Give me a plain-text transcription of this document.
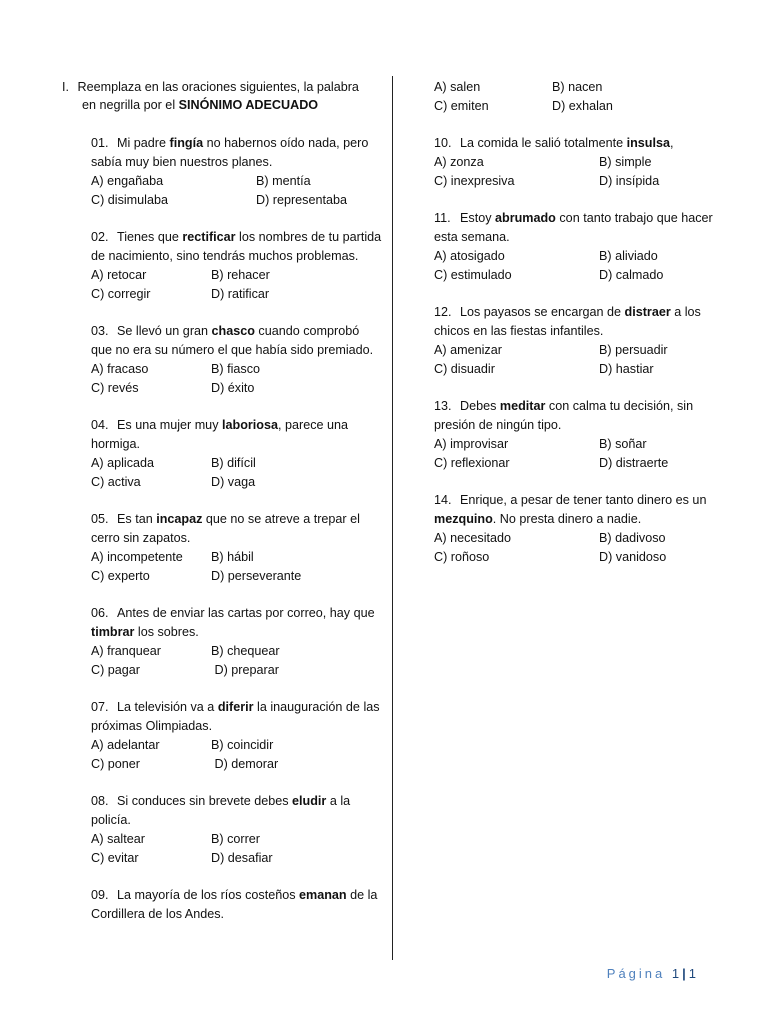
I. Reemplaza en las oraciones siguientes, la palabra
en negrilla por el SINÓNIMO ADECUADO
01. Mi padre fingía no habernos oído nada, pero sabía muy bien nuestros planes.
A) engañaba	B) mentía
C) disimulaba	D) representaba
02. Tienes que rectificar los nombres de tu partida de nacimiento, sino tendrás muchos problemas.
A) retocar	B) rehacer
C) corregir	D) ratificar
03. Se llevó un gran chasco cuando comprobó que no era su número el que había sido premiado.
A) fracaso	B) fiasco
C) revés	D) éxito
04. Es una mujer muy laboriosa, parece una hormiga.
A) aplicada	B) difícil
C) activa	D) vaga
05. Es tan incapaz que no se atreve a trepar el cerro sin zapatos.
A) incompetente	B) hábil
C) experto	D) perseverante
06. Antes de enviar las cartas por correo, hay que timbrar los sobres.
A) franquear	B) chequear
C) pagar	D) preparar
07. La televisión va a diferir la inauguración de las próximas Olimpiadas.
A) adelantar	B) coincidir
C) poner	D) demorar
08. Si conduces sin brevete debes eludir a la policía.
A) saltear	B) correr
C) evitar	D) desafiar
09. La mayoría de los ríos costeños emanan de la Cordillera de los Andes.
A) salen	B) nacen
C) emiten	D) exhalan
10. La comida le salió totalmente insulsa,
A) zonza	B) simple
C) inexpresiva	D) insípida
11. Estoy abrumado con tanto trabajo que hacer esta semana.
A) atosigado	B) aliviado
C) estimulado	D) calmado
12. Los payasos se encargan de distraer a los chicos en las fiestas infantiles.
A) amenizar	B) persuadir
C) disuadir	D) hastiar
13. Debes meditar con calma tu decisión, sin presión de ningún tipo.
A) improvisar	B) soñar
C) reflexionar	D) distraerte
14. Enrique, a pesar de tener tanto dinero es un mezquino. No presta dinero a nadie.
A) necesitado	B) dadivoso
C) roñoso	D) vanidoso
Página 1 | 1
